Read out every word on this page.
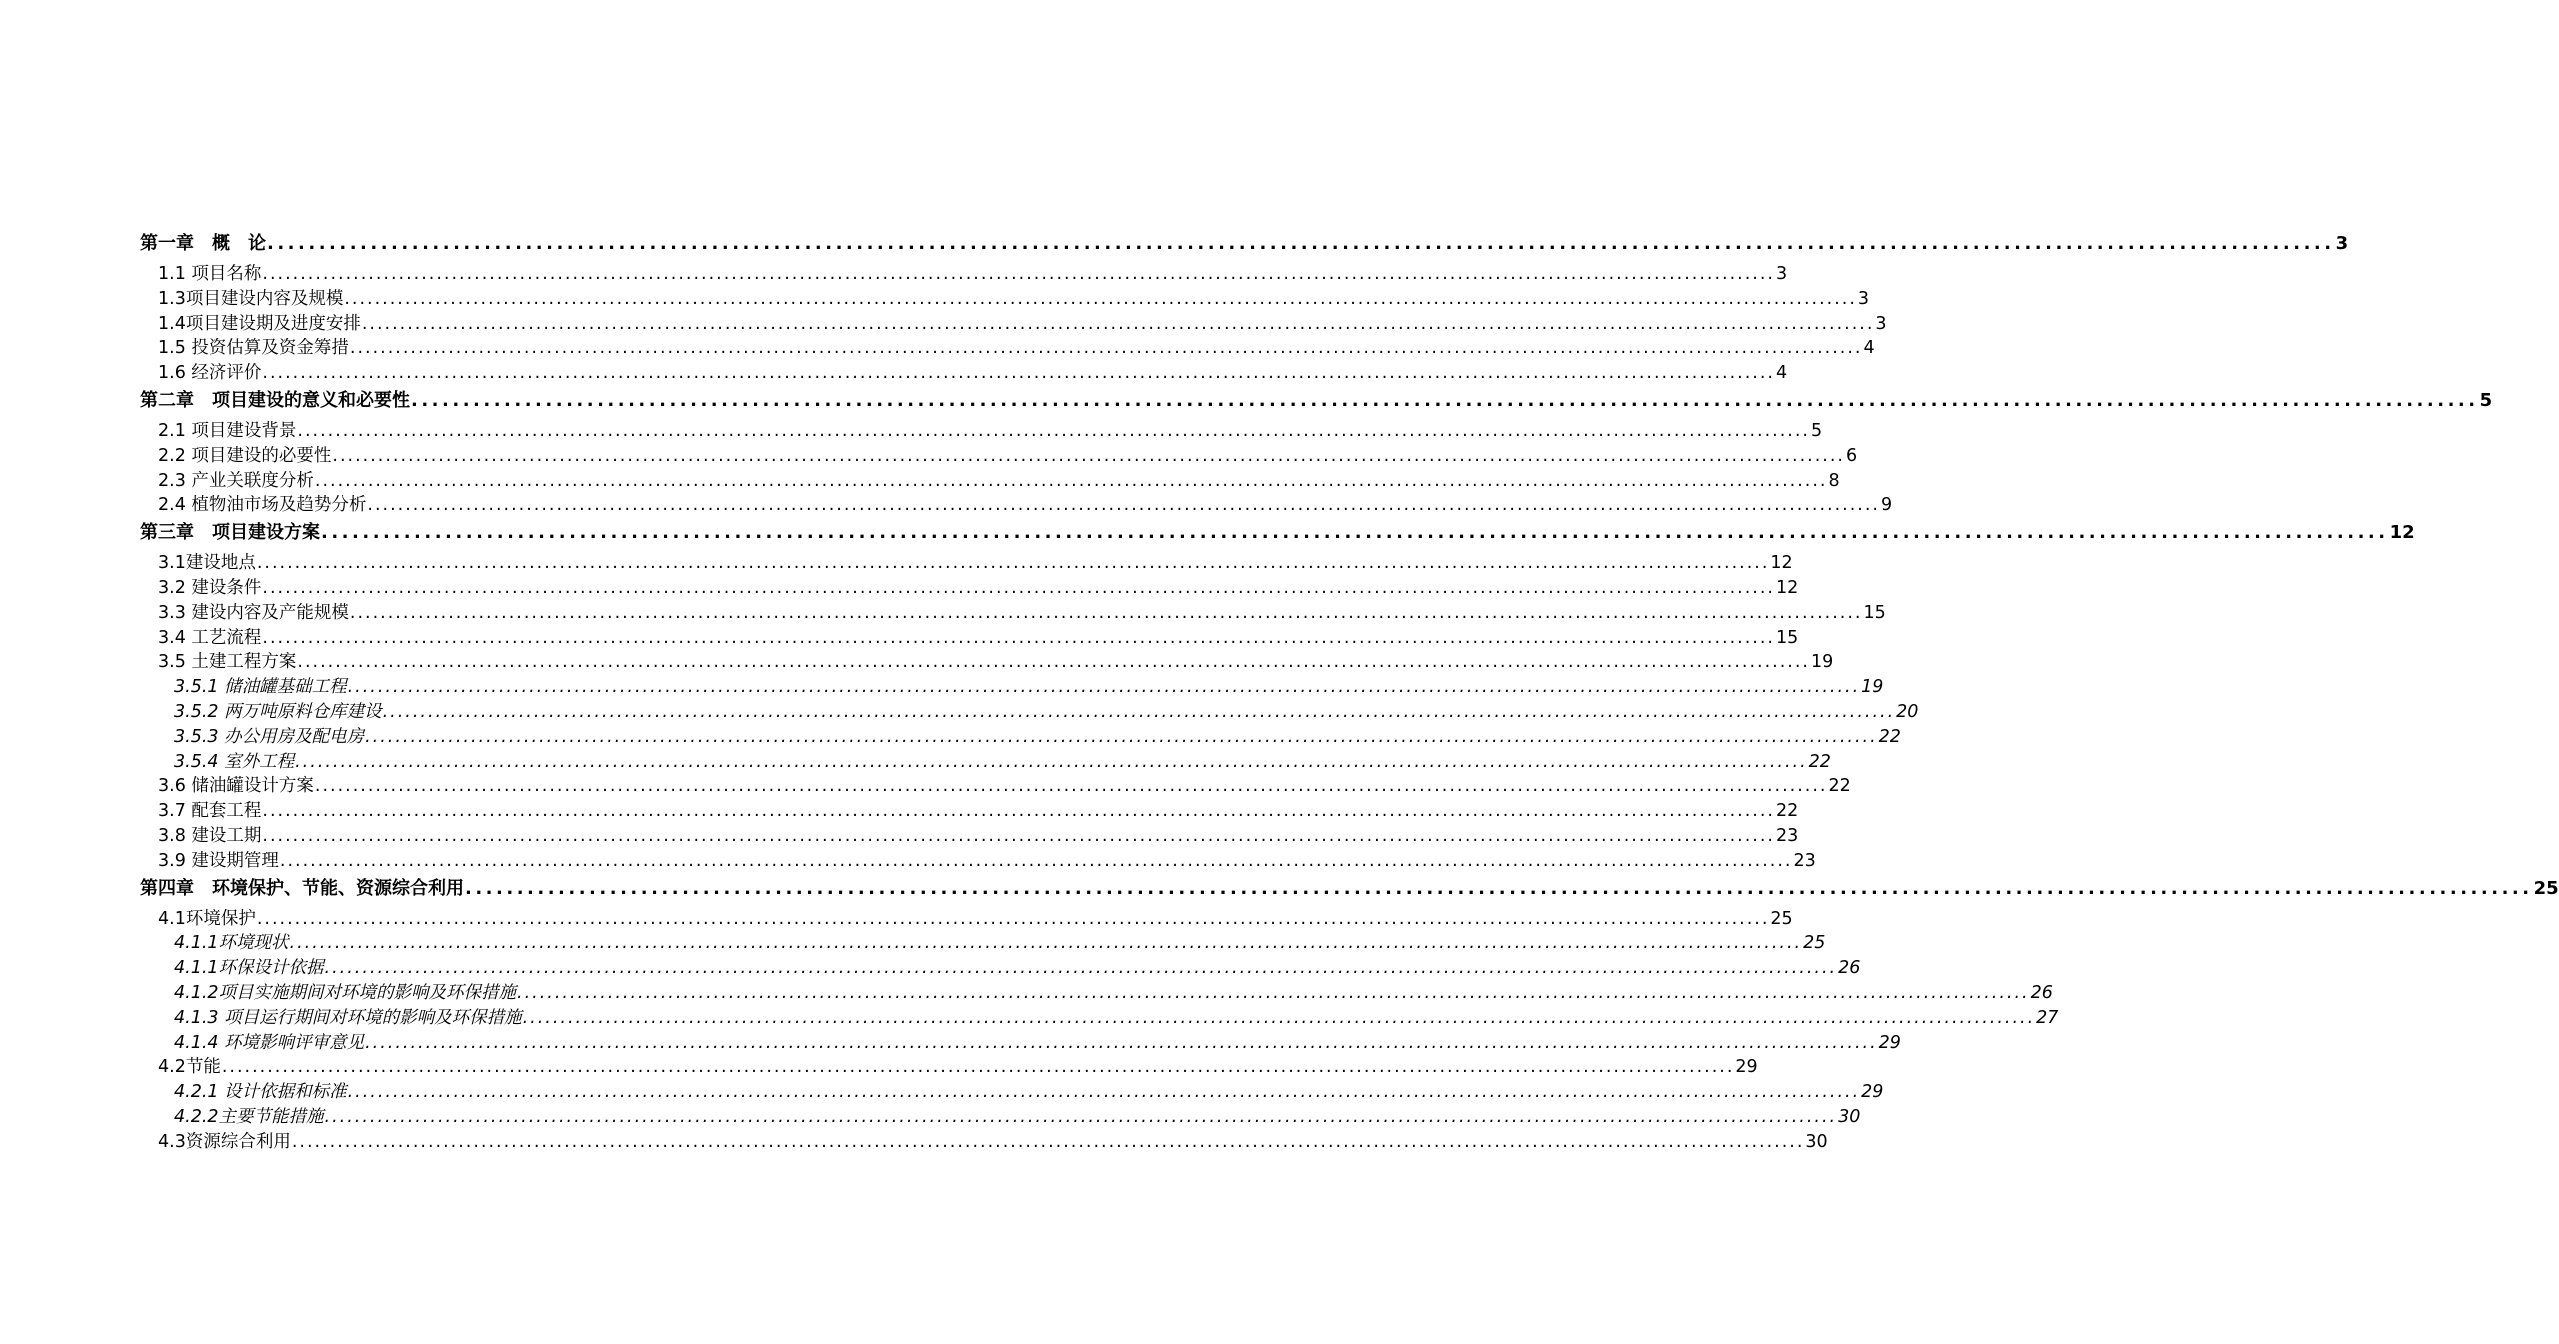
第一章　概　论 ........................................................................................................................................................................................................ 3
1.1 项目名称 ........................................................................................................................................................................................................ 3
1.3项目建设内容及规模 ........................................................................................................................................................................................................ 3
1.4项目建设期及进度安排 ........................................................................................................................................................................................................ 3
1.5 投资估算及资金筹措 ........................................................................................................................................................................................................ 4
1.6 经济评价 ........................................................................................................................................................................................................ 4
第二章　项目建设的意义和必要性 ........................................................................................................................................................................................................ 5
2.1 项目建设背景 ........................................................................................................................................................................................................ 5
2.2 项目建设的必要性 ........................................................................................................................................................................................................ 6
2.3 产业关联度分析 ........................................................................................................................................................................................................ 8
2.4 植物油市场及趋势分析 ........................................................................................................................................................................................................ 9
第三章　项目建设方案 ........................................................................................................................................................................................................ 12
3.1建设地点 ........................................................................................................................................................................................................ 12
3.2 建设条件 ........................................................................................................................................................................................................ 12
3.3 建设内容及产能规模 ........................................................................................................................................................................................................ 15
3.4 工艺流程 ........................................................................................................................................................................................................ 15
3.5 土建工程方案 ........................................................................................................................................................................................................ 19
3.5.1 储油罐基础工程 ........................................................................................................................................................................................................ 19
3.5.2 两万吨原料仓库建设 ........................................................................................................................................................................................................ 20
3.5.3 办公用房及配电房 ........................................................................................................................................................................................................ 22
3.5.4 室外工程 ........................................................................................................................................................................................................ 22
3.6 储油罐设计方案 ........................................................................................................................................................................................................ 22
3.7 配套工程 ........................................................................................................................................................................................................ 22
3.8 建设工期 ........................................................................................................................................................................................................ 23
3.9 建设期管理 ........................................................................................................................................................................................................ 23
第四章　环境保护、节能、资源综合利用 ........................................................................................................................................................................................................ 25
4.1环境保护 ........................................................................................................................................................................................................ 25
4.1.1环境现状 ........................................................................................................................................................................................................ 25
4.1.1环保设计依据 ........................................................................................................................................................................................................ 26
4.1.2项目实施期间对环境的影响及环保措施 ........................................................................................................................................................................................................ 26
4.1.3 项目运行期间对环境的影响及环保措施 ........................................................................................................................................................................................................ 27
4.1.4 环境影响评审意见 ........................................................................................................................................................................................................ 29
4.2节能 ........................................................................................................................................................................................................ 29
4.2.1 设计依据和标准 ........................................................................................................................................................................................................ 29
4.2.2主要节能措施 ........................................................................................................................................................................................................ 30
4.3资源综合利用 ........................................................................................................................................................................................................ 30
